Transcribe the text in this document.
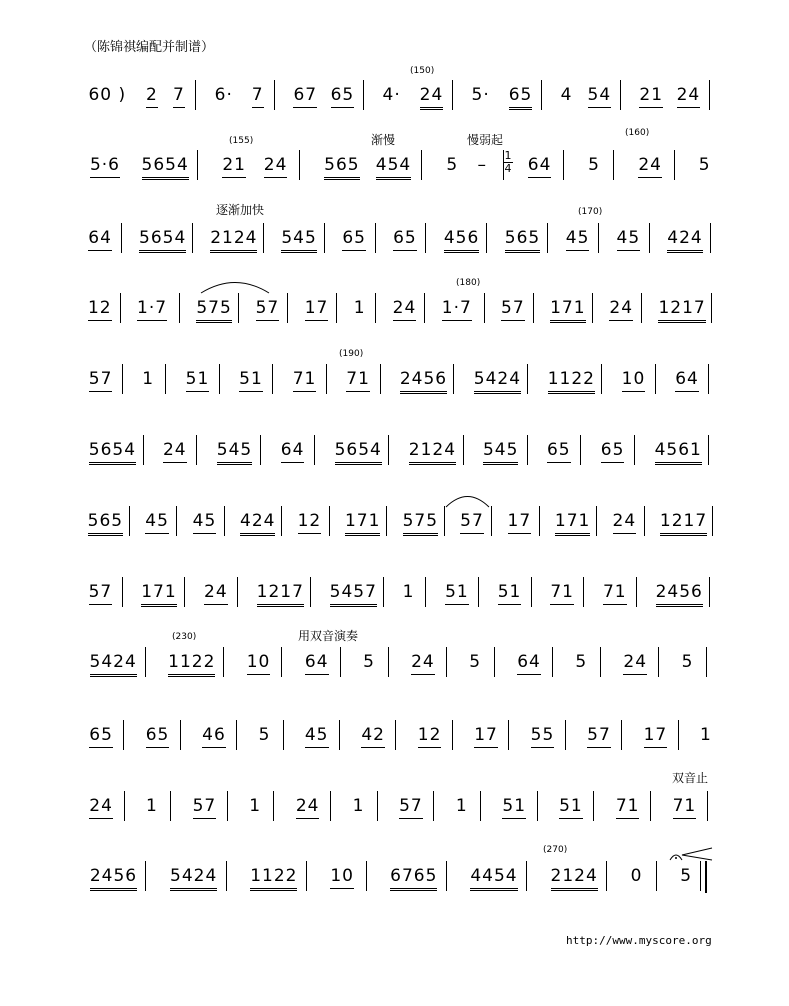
（陈锦祺编配并制谱）
60 ) 2 7 6· 7 67 65 4· 24 5· 65 4 54 21 24
5·6 5654 21 24 565 454 5 – 64 5 24 5
64 5654 2124 545 65 65 456 565 45 45 424
12 1·7 575 57 17 1 24 1·7 57 171 24 1217
57 1 51 51 71 71 2456 5424 1122 10 64
5654 24 545 64 5654 2124 545 65 65 4561
565 45 45 424 12 171 575 57 17 171 24 1217
57 171 24 1217 5457 1 51 51 71 71 2456
5424 1122 10 64 5 24 5 64 5 24 5
65 65 46 5 45 42 12 17 55 57 17 1
24 1 57 1 24 1 57 1 51 51 71 71
2456 5424 1122 10 6765 4454 2124 0 5
(150)
(155)
(160)
(170)
(180)
(190)
(230)
(270)
渐慢	慢弱起
逐渐加快
用双音演奏
双音止
1
4
http://www.myscore.org
